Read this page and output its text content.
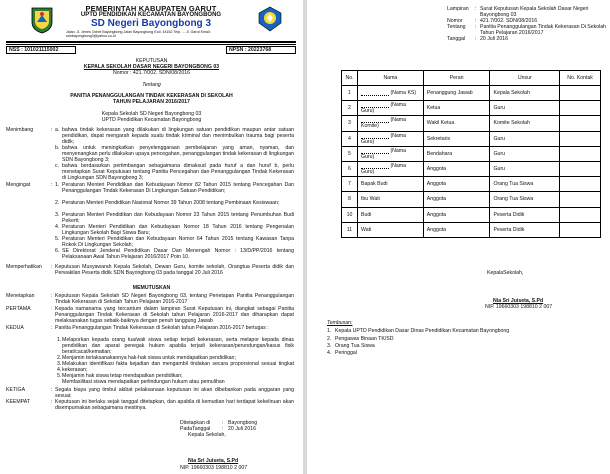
PEMERINTAH KABUPATEN GARUT
UPTD PENDIDIKAN KECAMATAN BAYONGBONG
SD Negeri Bayongbong 3
Jalan. Ji. Jenes Ochet Bayongbong Jalan Bayongbong Ecd. 44162 Telp. ... Jl. Garut Email: sdnbayongbong3@yahoo.co.id
NSS : 101021115002	NPSN : 20223768
KEPUTUSAN
KEPALA SEKOLAH DASAR NEGERI BAYONGBONG 03
Nomor : 421.7/002. SDN/08/2016
Tentang
PANITIA PENANGGULANGAN TINDAK KEKERASAN DI SEKOLAH
TAHUN PELAJARAN 2016/2017
Kepala Sekolah SD Negeri Bayongbong 03
UPTD Pendidikan Kecamatan Bayongbong
Menimbang	: a. bahwa tindak kekerasan yang dilakukan di lingkungan satuan pendidikan maupun antar satuan pendidikan, dapat mengarah kepada suatu tindak kriminal dan menimbulkan trauma bagi peserta didik;
b. bahwa untuk meningkatkan penyelenggaraan pembelajaran yang aman, nyaman, dan menyenangkan perlu dilakukan upaya pencegahan, penanggulangan tindak kekerasan di lingkungan SDN Bayongbong 3;
c. bahwa berdasarkan pertimbangan sebagaimana dimaksud pada huruf a dan huruf b, perlu menetapkan Surat Keputusan tentang Panitia Pencegahan dan Penanggulangan Tindak Kekerasan di Lingkungan SDN Bayongbong 3;
Mengingat	: 1. Peraturan Menteri Pendidikan dan Kebudayaan Nomor 82 Tahun 2015 tentang Pencegahan Dan Penanggulangan Tindak Kekerasan Di Lingkungan Satuan Pendidikan;
2. Peraturan Menteri Pendidikan Nasional Nomor 39 Tahun 2008 tentang Pembinaan Kesiswaan;
3. Peraturan Menteri Pendidikan dan Kebudayaan Nomor 23 Tahun 2015 tentang Penumbuhan Budi Pekerti;
4. Peraturan Menteri Pendidikan dan Kebudayaan Nomor 18 Tahun 2016 tentang Pengenalan Lingkungan Sekolah Bagi Siswa Baru;
5. Peraturan Menteri Pendidikan dan Kebudayaan Nomor 64 Tahun 2015 tentang Kawasan Tanpa Rokok Di Lingkungan Sekolah;
6. SE Direktorat Jenderal Pendidikan Dasar Dan Menengah Nomor : 13/D/PP/2016 tentang Pelaksanaan Awal Tahun Pelajaran 2016/2017 Poin 10.
Memperhatikan : Keputusan Musyawarah Kepala Sekolah, Dewan Guru, komite sekolah, Orangtua Peserta didik dan Perwakilan Peserta didik SDN Bayongbong 03 pada tanggal 20 Juli 2016
MEMUTUSKAN
Menetapkan	: Keputusan Kepala Sekolah SD Negeri Bayongbong 03, tentang Penetapan Panitia Penanggulangan Tindak Kekerasan di Sekolah Tahun Pelajaran 2016-2017
PERTAMA	: Kepada namanama yang tercantum dalam lampiran Surat Keputusan ini, diangkat sebagai Panitia Penanggulangan Tindak Kekerasan di Sekolah tahun Pelajaran 2016-2017 dan diharapkan dapat melaksanakan tugas sebaik-baiknya dengan penuh tanggung Jawab
KEDUA	: Panitia Penanggulangan Tindak Kekerasan di Sekolah tahun Pelajaran 2016-2017 bertugas :
1. Melaporkan kepada orang tua/wali siswa setiap terjadi kekerasan, serta melapor kepada dinas pendidikan dan aparat penegak hukum apabila terjadi kekerasan/perundungan/kasus fisik berat/cacat/kematian;
2. Menjamin terlaksanakannya hak-hak siswa untuk mendapatkan pendidikan;
3. Melakukan identifikasi fakta kejadian dan mengambil tindakan secara proporsional sesuai tingkat kekerasan;
4.
Menjamin hak siswa tetap mendapatkan pendidikan;
5.
Memfasilitasi siswa mendapatkan perlindungan hukum atau pemulihan
KETIGA	: Segala biaya yang timbul akibat pelaksanaan keputusan ini akan dibebankan pada anggaran yang sesuai;
KEEMPAT	: Keputusan ini berlaku sejak tanggal ditetapkan, dan apabila di kemudian hari terdapat kekeliruan akan disempurnakan sebagaimana mestinya.
Ditetapkan di : Bayongbong
PadaTanggal : 20 Juli 2016
Kepala Sekolah,
Nia Sri Juiseta, S.Pd
NIP. 19660303 198810 2 007
Lampiran : Surat Keputusan Kepala Sekolah Dasar Negeri Bayongbong 03
Nomor : 421.7/002. SDN/08/2016
Tentang : Panitia Penanggulangan Tindak Kekerasan Di Sekolah
Tahun Pelajaran 2016/2017
Tanggal : 20 Juli 2016
No.	Nama	Peran	Unsur	No. Kontak
1	(Nama KS)	Penanggung Jawab	Kepala Sekolah	
2	(Nama Guru)	Ketua	Guru	
3	(Nama Komite)	Wakil Ketua	Komite Sekolah	
4	(Nama Guru)	Sekretaris	Guru	
5	(Nama Guru)	Bendahara	Guru	
6	(Nama Guru)	Anggota	Guru	
7	Bapak Budi	Anggota	Orang Tua Siswa	
8	Ibu Wati	Anggota	Orang Tua Siswa	
10	Budi	Anggota	Peserta Didik	
11	Wati	Anggota	Peserta Didik	
KepalaSekolah,
Nia Sri Juiseta, S.Pd
NIP. 19660303 198810 2 007
Tembusan:
1. Kepala UPTD Pendidikan Dasar Dinas Pendidikan Kecamatan Bayongbong
2. Pengawas Binaan TK/SD
3. Orang Tua Siswa
4. Peringgal
